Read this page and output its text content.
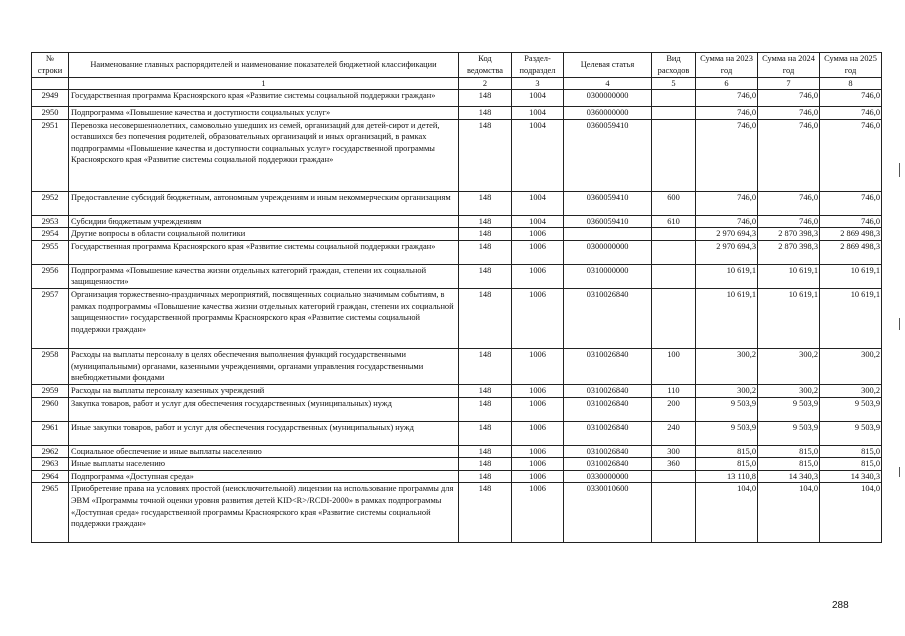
№ строки	Наименование главных распорядителей и наименование показателей бюджетной классификации	Код ведомства	Раздел-подраздел	Целевая статья	Вид расходов	Сумма на 2023 год	Сумма на 2024 год	Сумма на 2025 год
	1	2	3	4	5	6	7	8
2949	Государственная программа Красноярского края «Развитие системы социальной поддержки граждан»	148	1004	0300000000		746,0	746,0	746,0
2950	Подпрограмма «Повышение качества и доступности социальных услуг»	148	1004	0360000000		746,0	746,0	746,0
2951	Перевозка несовершеннолетних, самовольно ушедших из семей, организаций для детей-сирот и детей, оставшихся без попечения родителей, образовательных организаций и иных организаций, в рамках подпрограммы «Повышение качества и доступности социальных услуг» государственной программы Красноярского края «Развитие системы социальной поддержки граждан»	148	1004	0360059410		746,0	746,0	746,0
2952	Предоставление субсидий бюджетным, автономным учреждениям и иным некоммерческим организациям	148	1004	0360059410	600	746,0	746,0	746,0
2953	Субсидии бюджетным учреждениям	148	1004	0360059410	610	746,0	746,0	746,0
2954	Другие вопросы в области социальной политики	148	1006			2 970 694,3	2 870 398,3	2 869 498,3
2955	Государственная программа Красноярского края «Развитие системы социальной поддержки граждан»	148	1006	0300000000		2 970 694,3	2 870 398,3	2 869 498,3
2956	Подпрограмма «Повышение качества жизни отдельных категорий граждан, степени их социальной защищенности»	148	1006	0310000000		10 619,1	10 619,1	10 619,1
2957	Организация торжественно-праздничных мероприятий, посвященных социально значимым событиям, в рамках подпрограммы «Повышение качества жизни отдельных категорий граждан, степени их социальной защищенности» государственной программы Красноярского края «Развитие системы социальной поддержки граждан»	148	1006	0310026840		10 619,1	10 619,1	10 619,1
2958	Расходы на выплаты персоналу в целях обеспечения выполнения функций государственными (муниципальными) органами, казенными учреждениями, органами управления государственными внебюджетными фондами	148	1006	0310026840	100	300,2	300,2	300,2
2959	Расходы на выплаты персоналу казенных учреждений	148	1006	0310026840	110	300,2	300,2	300,2
2960	Закупка товаров, работ и услуг для обеспечения государственных (муниципальных) нужд	148	1006	0310026840	200	9 503,9	9 503,9	9 503,9
2961	Иные закупки товаров, работ и услуг для обеспечения государственных (муниципальных) нужд	148	1006	0310026840	240	9 503,9	9 503,9	9 503,9
2962	Социальное обеспечение и иные выплаты населению	148	1006	0310026840	300	815,0	815,0	815,0
2963	Иные выплаты населению	148	1006	0310026840	360	815,0	815,0	815,0
2964	Подпрограмма «Доступная среда»	148	1006	0330000000		13 110,8	14 340,3	14 340,3
2965	Приобретение права на условиях простой (неисключительной) лицензии на использование программы для ЭВМ «Программы точной оценки уровня развития детей KID<R>/RCDI-2000» в рамках подпрограммы «Доступная среда» государственной программы Красноярского края «Развитие системы социальной поддержки граждан»	148	1006	0330010600		104,0	104,0	104,0
288
